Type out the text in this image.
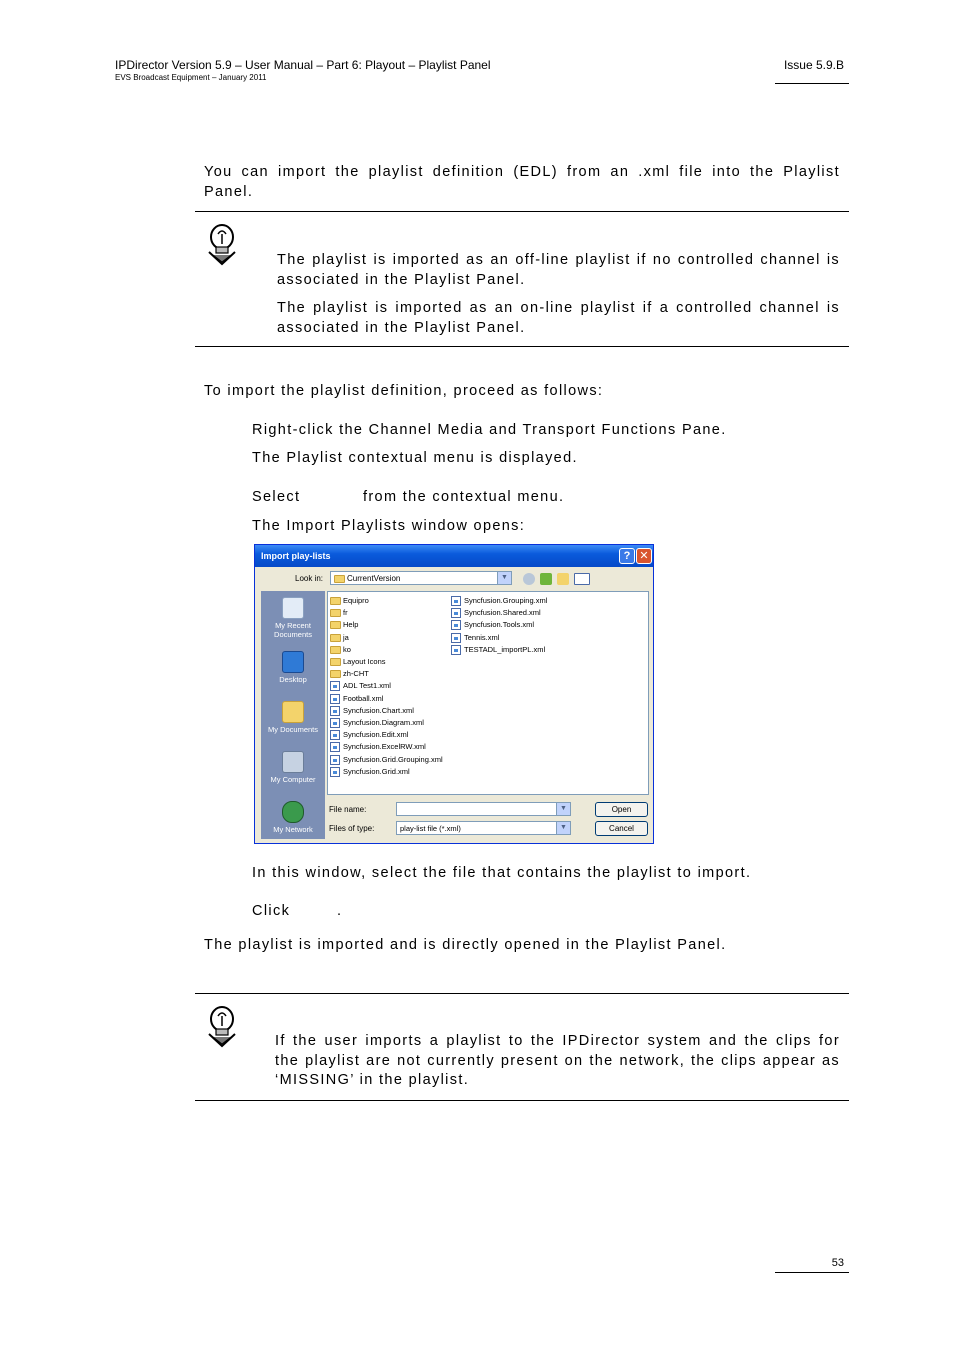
IPDirector Version 5.9 – User Manual – Part 6: Playout – Playlist Panel
EVS Broadcast Equipment – January 2011
Issue 5.9.B
You can import the playlist definition (EDL) from an .xml file into the Playlist Panel.
The playlist is imported as an off-line playlist if no controlled channel is associated in the Playlist Panel.
The playlist is imported as an on-line playlist if a controlled channel is associated in the Playlist Panel.
To import the playlist definition, proceed as follows:
Right-click the Channel Media and Transport Functions Pane.
The Playlist contextual menu is displayed.
Select	from the contextual menu.
The Import Playlists window opens:
Import play-lists	? ✕
Look in:	CurrentVersion	▼
My Recent Documents
Desktop
My Documents
My Computer
My Network
Equipro
fr
Help
ja
ko
Layout Icons
zh-CHT
ADL Test1.xml
Football.xml
Syncfusion.Chart.xml
Syncfusion.Diagram.xml
Syncfusion.Edit.xml
Syncfusion.ExcelRW.xml
Syncfusion.Grid.Grouping.xml
Syncfusion.Grid.xml
Syncfusion.Grouping.xml
Syncfusion.Shared.xml
Syncfusion.Tools.xml
Tennis.xml
TESTADL_importPL.xml
File name:	▼
Files of type:	play-list file (*.xml)	▼
Open
Cancel
In this window, select the file that contains the playlist to import.
Click	.
The playlist is imported and is directly opened in the Playlist Panel.
If the user imports a playlist to the IPDirector system and the clips for the playlist are not currently present on the network, the clips appear as ‘MISSING’ in the playlist.
53
